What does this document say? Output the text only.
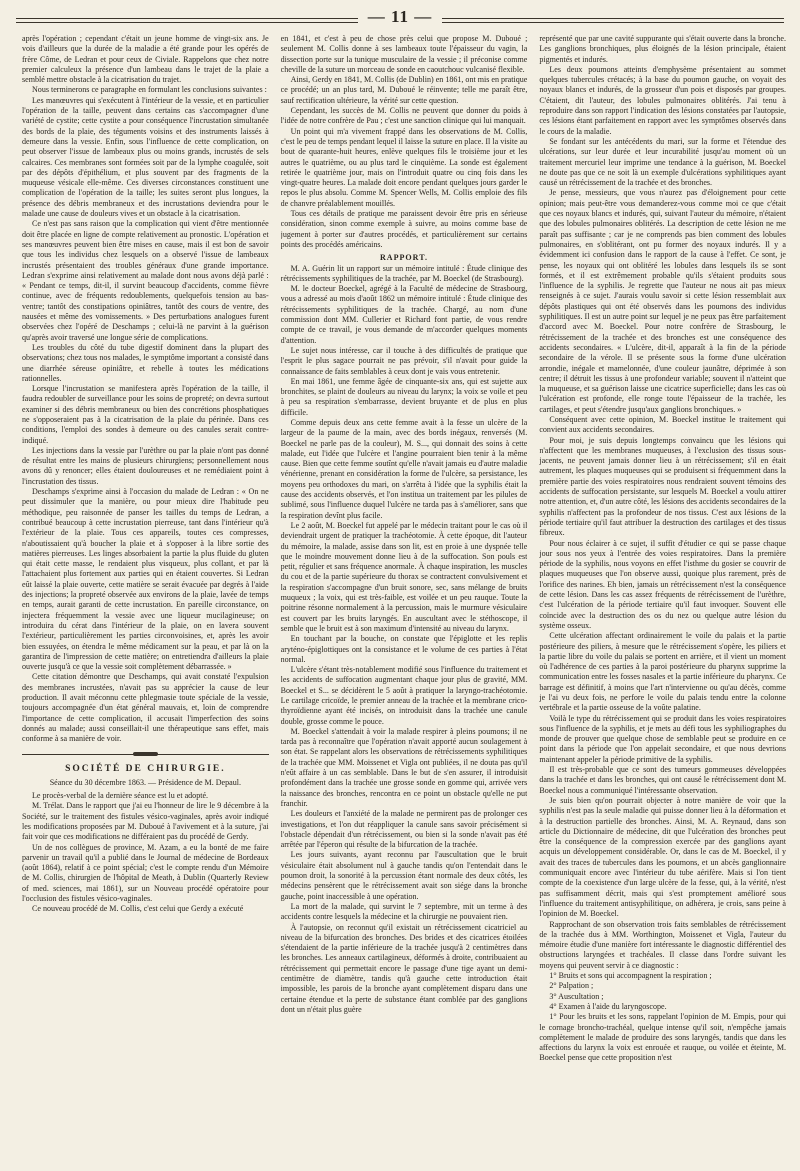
— 11 —

après l'opération ; cependant c'était un jeune homme de vingt-six ans. Je vois d'ailleurs que la durée de la maladie a été grande pour les opérés de frère Côme, de Ledran et pour ceux de Civiale. Rappelons que chez notre premier calculeux la présence d'un lambeau dans le trajet de la plaie a semblé mettre obstacle à la cicatrisation du trajet.

Nous terminerons ce paragraphe en formulant les conclusions suivantes :

Les manœuvres qui s'exécutent à l'intérieur de la vessie, et en particulier l'opération de la taille, peuvent dans certains cas s'accompagner d'une variété de cystite; cette cystite a pour conséquence l'incrustation simultanée des bords de la plaie, des téguments voisins et des instruments laissés à demeure dans la vessie. Enfin, sous l'influence de cette complication, on peut observer l'issue de lambeaux plus ou moins grands, incrustés de sels calcaires. Ces membranes sont formées soit par de la lymphe coagulée, soit par des dépôts d'épithélium, et plus souvent par des fragments de la muqueuse vésicale elle-même. Ces diverses circonstances constituent une complication de l'opération de la taille; les suites seront plus longues, la présence des débris membraneux et des incrustations deviendra pour le malade une cause de douleurs vives et un obstacle à la cicatrisation.

Ce n'est pas sans raison que la complication qui vient d'être mentionnée doit être placée en ligne de compte relativement au pronostic. L'opération et ses manœuvres peuvent bien être mises en cause, mais il est bon de savoir que tous les individus chez lesquels on a observé l'issue de lambeaux incrustés présentaient des troubles généraux d'une grande importance. Ledran s'exprime ainsi relativement au malade dont nous avons déjà parlé : « Pendant ce temps, dit-il, il survint beaucoup d'accidents, comme fièvre continue, avec de fréquents redoublements, quelquefois tension au bas-ventre; tantôt des constipations opiniâtres, tantôt des cours de ventre, des nausées et même des vomissements. » Des perturbations analogues furent observées chez l'opéré de Deschamps ; celui-là ne parvint à la guérison qu'après avoir traversé une longue série de complications.

Les troubles du côté du tube digestif dominent dans la plupart des observations; chez tous nos malades, le symptôme important a consisté dans une diarrhée séreuse opiniâtre, et rebelle à toutes les médications rationnelles.

Lorsque l'incrustation se manifestera après l'opération de la taille, il faudra redoubler de surveillance pour les soins de propreté; on devra surtout examiner si des débris membraneux ou bien des concrétions phosphatiques ne s'opposeraient pas à la cicatrisation de la plaie du périnée. Dans ces conditions, l'emploi des sondes à demeure ou des canules serait contre-indiqué.

Les injections dans la vessie par l'urèthre ou par la plaie n'ont pas donné de résultat entre les mains de plusieurs chirurgiens; personnellement nous avons dû y renoncer; elles étaient douloureuses et ne remédiaient point à l'incrustation des tissus.

Deschamps s'exprime ainsi à l'occasion du malade de Ledran : « On ne peut dissimuler que la manière, ou pour mieux dire l'habitude peu méthodique, peu raisonnée de panser les tailles du temps de Ledran, a contribué beaucoup à cette incrustation pierreuse, tant dans l'intérieur qu'à l'extérieur de la plaie. Tous ces appareils, toutes ces compresses, n'aboutissaient qu'à boucher la plaie et à s'opposer à la libre sortie des matières pierreuses. Les linges absorbaient la partie la plus fluide du gluten qui était cette masse, le rendaient plus visqueux, plus collant, et par là l'attachaient plus fortement aux parties qui en étaient couvertes. Si Ledran eût laissé la plaie ouverte, cette matière se serait évacuée par degrés à l'aide des injections; la propreté observée aux environs de la plaie, lavée de temps en temps, aurait garanti de cette incrustation. En pareille circonstance, on injectera fréquemment la vessie avec une liqueur mucilagineuse; on introduira du cérat dans l'intérieur de la plaie, on en lavera souvent l'extérieur, particulièrement les parties circonvoisines, et, après les avoir bien essuyées, on étendra le même médicament sur la peau, et par là on la garantira de l'impression de cette matière; on entretiendra d'ailleurs la plaie ouverte jusqu'à ce que la vessie soit complètement débarrassée. »

Cette citation démontre que Deschamps, qui avait constaté l'expulsion des membranes incrustées, n'avait pas su apprécier la cause de leur production. Il avait méconnu cette phlegmasie toute spéciale de la vessie, toujours accompagnée d'un état général mauvais, et, loin de comprendre l'importance de cette complication, il accusait l'imperfection des soins donnés au malade; aussi conseillait-il une thérapeutique sans effet, mais conforme à sa manière de voir.

SOCIÉTÉ DE CHIRURGIE.
Séance du 30 décembre 1863. — Présidence de M. Depaul.

Le procès-verbal de la dernière séance est lu et adopté.

M. Trélat. Dans le rapport que j'ai eu l'honneur de lire le 9 décembre à la Société, sur le traitement des fistules vésico-vaginales, après avoir indiqué les modifications proposées par M. Duboué à l'avivement et à la suture, j'ai fait voir que ces modifications ne différaient pas du procédé de Gerdy.

Un de nos collègues de province, M. Azam, a eu la bonté de me faire parvenir un travail qu'il a publié dans le Journal de médecine de Bordeaux (août 1864), relatif à ce point spécial; c'est le compte rendu d'un Mémoire de M. Collis, chirurgien de l'hôpital de Meath, à Dublin (Quarterly Review of med. sciences, mai 1861), sur un Nouveau procédé opératoire pour l'occlusion des fistules vésico-vaginales.

Ce nouveau procédé de M. Collis, c'est celui que Gerdy a exécuté

en 1841, et c'est à peu de chose près celui que propose M. Duboué ; seulement M. Collis donne à ses lambeaux toute l'épaisseur du vagin, la dissection porte sur la tunique musculaire de la vessie ; il préconise comme cheville de la suture un morceau de sonde en caoutchouc vulcanisé flexible.

Ainsi, Gerdy en 1841, M. Collis (de Dublin) en 1861, ont mis en pratique ce procédé; un an plus tard, M. Duboué le réinvente; telle me paraît être, sauf rectification ultérieure, la vérité sur cette question.

Cependant, les succès de M. Collis ne peuvent que donner du poids à l'idée de notre confrère de Pau ; c'est une sanction clinique qui lui manquait.

Un point qui m'a vivement frappé dans les observations de M. Collis, c'est le peu de temps pendant lequel il laisse la suture en place. Il la visite au bout de quarante-huit heures, enlève quelques fils le troisième jour et les autres le quatrième, ou au plus tard le cinquième. La sonde est également retirée le quatrième jour, mais on l'introduit quatre ou cinq fois dans les vingt-quatre heures. La malade doit encore pendant quelques jours garder le repos le plus absolu. Comme M. Spencer Wells, M. Collis emploie des fils de chanvre préalablement mouillés.

Tous ces détails de pratique me paraissent devoir être pris en sérieuse considération, sinon comme exemple à suivre, au moins comme base de jugement à porter sur d'autres procédés, et particulièrement sur certains points des procédés américains.

RAPPORT.

M. A. Guérin lit un rapport sur un mémoire intitulé : Étude clinique des rétrécissements syphilitiques de la trachée, par M. Boeckel (de Strasbourg).

M. le docteur Boeckel, agrégé à la Faculté de médecine de Strasbourg, vous a adressé au mois d'août 1862 un mémoire intitulé : Étude clinique des rétrécissements syphilitiques de la trachée. Chargé, au nom d'une commission dont MM. Cullerier et Richard font partie, de vous rendre compte de ce travail, je vous demande de m'accorder quelques moments d'attention.

Le sujet nous intéresse, car il touche à des difficultés de pratique que l'esprit le plus sagace pourrait ne pas prévoir, s'il n'avait pour guide la connaissance de faits semblables à ceux dont je vais vous entretenir.

En mai 1861, une femme âgée de cinquante-six ans, qui est sujette aux bronchites, se plaint de douleurs au niveau du larynx; la voix se voile et peu à peu sa respiration s'embarrasse, devient bruyante et de plus en plus difficile.

Comme depuis deux ans cette femme avait à la fesse un ulcère de la largeur de la paume de la main, avec des bords inégaux, renversés (M. Boeckel ne parle pas de la couleur), M. S..., qui donnait des soins à cette malade, eut l'idée que l'ulcère et l'angine pourraient bien tenir à la même cause. Bien que cette femme soutînt qu'elle n'avait jamais eu d'autre maladie vénérienne, prenant en considération la forme de l'ulcère, sa persistance, les moyens peu orthodoxes du mari, on s'arrêta à l'idée que la syphilis était la cause des accidents observés, et l'on institua un traitement par les pilules de sublimé, sous l'influence duquel l'ulcère ne tarda pas à s'améliorer, sans que la respiration devînt plus facile.

Le 2 août, M. Boeckel fut appelé par le médecin traitant pour le cas où il deviendrait urgent de pratiquer la trachéotomie. À cette époque, dit l'auteur du mémoire, la malade, assise dans son lit, est en proie à une dyspnée telle que le moindre mouvement donne lieu à de la suffocation. Son pouls est petit, régulier et sans fréquence anormale. À chaque inspiration, les muscles du cou et de la partie supérieure du thorax se contractent convulsivement et la respiration s'accompagne d'un bruit sonore, sec, sans mélange de bruits muqueux ; la voix, qui est très-faible, est voilée et un peu rauque. Toute la poitrine résonne normalement à la percussion, mais le murmure vésiculaire est couvert par les bruits laryngés. En auscultant avec le stéthoscope, il semble que le bruit est à son maximum d'intensité au niveau du larynx.

En touchant par la bouche, on constate que l'épiglotte et les replis aryténo-épiglottiques ont la consistance et le volume de ces parties à l'état normal.

L'ulcère s'étant très-notablement modifié sous l'influence du traitement et les accidents de suffocation augmentant chaque jour plus de gravité, MM. Boeckel et S... se décidèrent le 5 août à pratiquer la laryngo-trachéotomie. Le cartilage cricoïde, le premier anneau de la trachée et la membrane crico-thyroïdienne ayant été incisés, on introduisit dans la trachée une canule double, grosse comme le pouce.

M. Boeckel s'attendait à voir la malade respirer à pleins poumons; il ne tarda pas à reconnaître que l'opération n'avait apporté aucun soulagement à son état. Se rappelant alors les observations de rétrécissements syphilitiques de la trachée que MM. Moissenet et Vigla ont publiées, il ne douta pas qu'il n'eût affaire à un cas semblable. Dans le but de s'en assurer, il introduisit profondément dans la trachée une grosse sonde en gomme qui, arrivée vers la naissance des bronches, rencontra en ce point un obstacle qu'elle ne put franchir.

Les douleurs et l'anxiété de la malade ne permirent pas de prolonger ces investigations, et l'on dut réappliquer la canule sans savoir précisément si l'obstacle dépendait d'un rétrécissement, ou bien si la sonde n'avait pas été arrêtée par l'éperon qui résulte de la bifurcation de la trachée.

Les jours suivants, ayant reconnu par l'auscultation que le bruit vésiculaire était absolument nul à gauche tandis qu'on l'entendait dans le poumon droit, la sonorité à la percussion étant normale des deux côtés, les médecins pensèrent que le rétrécissement avait son siége dans la bronche gauche, point inaccessible à une opération.

La mort de la malade, qui survint le 7 septembre, mit un terme à des accidents contre lesquels la médecine et la chirurgie ne pouvaient rien.

À l'autopsie, on reconnut qu'il existait un rétrécissement cicatriciel au niveau de la bifurcation des bronches. Des brides et des cicatrices étoilées s'étendaient de la partie inférieure de la trachée jusqu'à 2 centimètres dans les bronches. Les anneaux cartilagineux, déformés à droite, contribuaient au rétrécissement qui permettait encore le passage d'une tige ayant un demi-centimètre de diamètre, tandis qu'à gauche cette introduction était impossible, les parois de la bronche ayant complètement disparu dans une certaine étendue et la perte de substance étant comblée par des ganglions dont un n'était plus guère

représenté que par une cavité suppurante qui s'était ouverte dans la bronche. Les ganglions bronchiques, plus éloignés de la lésion principale, étaient pigmentés et indurés.

Les deux poumons atteints d'emphysème présentaient au sommet quelques tubercules crétacés; à la base du poumon gauche, on voyait des noyaux blancs et indurés, de la grosseur d'un pois et disposés par groupes. C'étaient, dit l'auteur, des lobules pulmonaires oblitérés. J'ai tenu à reproduire dans son rapport l'indication des lésions constatées par l'autopsie, ces lésions étant parfaitement en rapport avec les symptômes observés dans le cours de la maladie.

Se fondant sur les antécédents du mari, sur la forme et l'étendue des ulcérations, sur leur durée et leur incurabilité jusqu'au moment où un traitement mercuriel leur imprime une tendance à la guérison, M. Boeckel ne doute pas que ce ne soit là un exemple d'ulcérations syphilitiques ayant causé un rétrécissement de la trachée et des bronches.

Je pense, messieurs, que vous n'aurez pas d'éloignement pour cette opinion; mais peut-être vous demanderez-vous comme moi ce que c'était que ces noyaux blancs et indurés, qui, suivant l'auteur du mémoire, n'étaient que des lobules pulmonaires oblitérés. La description de cette lésion ne me paraît pas suffisante ; car je ne comprends pas bien comment des lobules pulmonaires, en s'oblitérant, ont pu former des noyaux indurés. Il y a évidemment ici confusion dans le rapport de la cause à l'effet. Ce sont, je pense, les noyaux qui ont oblitéré les lobules dans lesquels ils se sont formés, et il est extrêmement probable qu'ils s'étaient produits sous l'influence de la syphilis. Je regrette que l'auteur ne nous ait pas mieux renseignés à ce sujet. J'aurais voulu savoir si cette lésion ressemblait aux dépôts plastiques qui ont été observés dans les poumons des individus syphilitiques. Il est un autre point sur lequel je ne peux pas être parfaitement d'accord avec M. Boeckel. Pour notre confrère de Strasbourg, le rétrécissement de la trachée et des bronches est une conséquence des accidents secondaires. « L'ulcère, dit-il, apparaît à la fin de la période secondaire de la vérole. Il se présente sous la forme d'une ulcération arrondie, inégale et mamelonnée, d'une couleur jaunâtre, déprimée à son centre; il détruit les tissus à une profondeur variable; souvent il n'atteint que la muqueuse, et sa guérison laisse une cicatrice superficielle; dans les cas où l'ulcération est profonde, elle ronge toute l'épaisseur de la trachée, les cartilages, et peut s'étendre jusqu'aux ganglions bronchiques. »

Conséquent avec cette opinion, M. Boeckel institue le traitement qui convient aux accidents secondaires.

Pour moi, je suis depuis longtemps convaincu que les lésions qui n'affectent que les membranes muqueuses, à l'exclusion des tissus sous-jacents, ne peuvent jamais donner lieu à un rétrécissement; s'il en était autrement, les plaques muqueuses qui se produisent si fréquemment dans la première partie des voies respiratoires nous rendraient souvent témoins des accidents de suffocation persistante, sur lesquels M. Boeckel a voulu attirer notre attention, et, d'un autre côté, les lésions des accidents secondaires de la syphilis n'affectent pas la profondeur de nos tissus. C'est aux lésions de la période tertiaire qu'il faut attribuer la destruction des cartilages et des tissus fibreux.

Pour nous éclairer à ce sujet, il suffit d'étudier ce qui se passe chaque jour sous nos yeux à l'entrée des voies respiratoires. Dans la première période de la syphilis, nous voyons en effet l'isthme du gosier se couvrir de plaques muqueuses que l'on observe aussi, quoique plus rarement, près de l'orifice des narines. Eh bien, jamais un rétrécissement n'est la conséquence de cette lésion. Dans les cas assez fréquents de rétrécissement de l'urèthre, c'est l'ulcération de la période tertiaire qu'il faut invoquer. Souvent elle coïncide avec la destruction des os du nez ou quelque autre lésion du système osseux.

Cette ulcération affectant ordinairement le voile du palais et la partie postérieure des piliers, à mesure que le rétrécissement s'opère, les piliers et la partie libre du voile du palais se portent en arrière, et il vient un moment où l'adhérence de ces parties à la paroi postérieure du pharynx supprime la communication entre les fosses nasales et la partie inférieure du pharynx. Ce barrage est définitif, à moins que l'art n'intervienne ou qu'au décès, comme je l'ai vu deux fois, ne perfore le voile du palais tendu entre la colonne vertébrale et la partie osseuse de la voûte palatine.

Voilà le type du rétrécissement qui se produit dans les voies respiratoires sous l'influence de la syphilis, et je mets au défi tous les syphiliographes du monde de prouver que quelque chose de semblable peut se produire en ce point dans la période que l'on appelait secondaire, et que nous devrions maintenant appeler la période primitive de la syphilis.

Il est très-probable que ce sont des tumeurs gommeuses développées dans la trachée et dans les bronches, qui ont causé le rétrécissement dont M. Boeckel nous a communiqué l'intéressante observation.

Je suis bien qu'on pourrait objecter à notre manière de voir que la syphilis n'est pas la seule maladie qui puisse donner lieu à la déformation et à la destruction partielle des bronches. Ainsi, M. A. Reynaud, dans son article du Dictionnaire de médecine, dit que l'ulcération des bronches peut être la conséquence de la compression exercée par des ganglions ayant acquis un développement considérable. Or, dans le cas de M. Boeckel, il y avait des traces de tubercules dans les poumons, et un abcès ganglionnaire communiquait encore avec l'intérieur du tube aérifère. Mais si l'on tient compte de la coexistence d'un large ulcère de la fesse, qui, à la vérité, n'est pas suffisamment décrit, mais qui s'est promptement amélioré sous l'influence du traitement antisyphilitique, on adhérera, je crois, sans peine à l'opinion de M. Boeckel.

Rapprochant de son observation trois faits semblables de rétrécissement de la trachée dus à MM. Worthington, Moissenet et Vigla, l'auteur du mémoire étudie d'une manière fort intéressante le diagnostic différentiel des obstructions laryngées et trachéales. Il classe dans l'ordre suivant les moyens qui peuvent servir à ce diagnostic :

1° Bruits et sons qui accompagnent la respiration ;

2° Palpation ;

3° Auscultation ;

4° Examen à l'aide du laryngoscope.

1° Pour les bruits et les sons, rappelant l'opinion de M. Empis, pour qui le cornage broncho-trachéal, quelque intense qu'il soit, n'empêche jamais complètement le malade de produire des sons laryngés, tandis que dans les affections du larynx la voix est enrouée et rauque, ou voilée et éteinte, M. Boeckel pense que cette proposition n'est
